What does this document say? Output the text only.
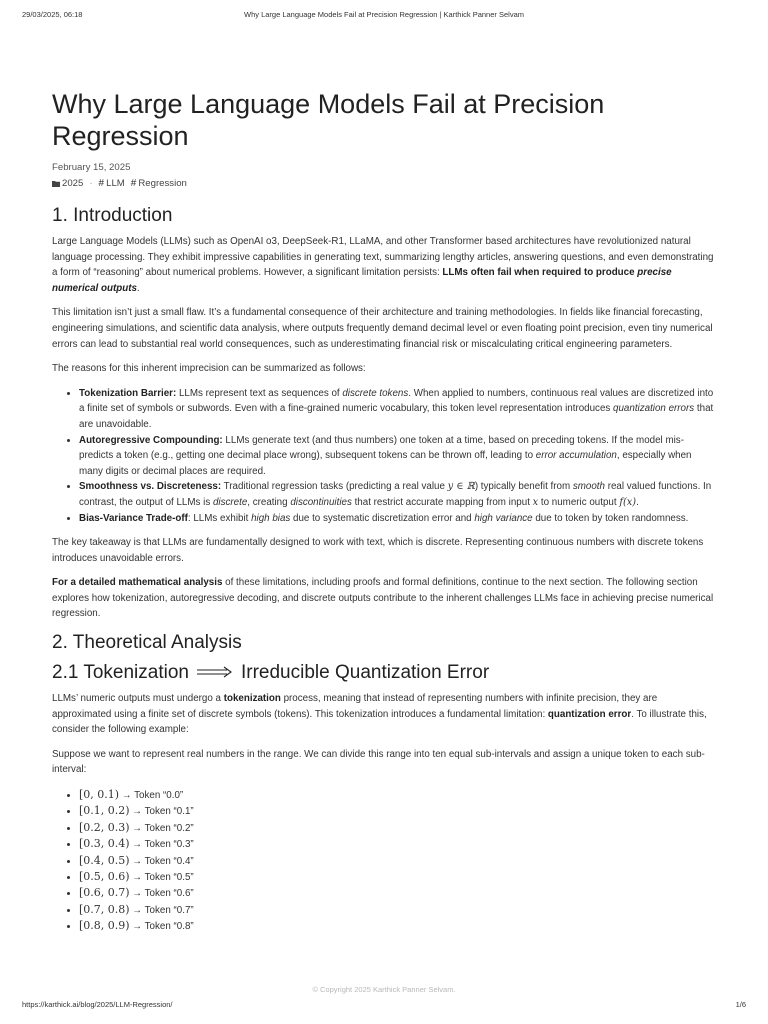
29/03/2025, 06:18	Why Large Language Models Fail at Precision Regression | Karthick Panner Selvam
Why Large Language Models Fail at Precision Regression
February 15, 2025
2025 · # LLM # Regression
1. Introduction

Large Language Models (LLMs) such as OpenAI o3, DeepSeek-R1, LLaMA, and other Transformer based architectures have revolutionized natural language processing. They exhibit impressive capabilities in generating text, summarizing lengthy articles, answering questions, and even demonstrating a form of “reasoning” about numerical problems. However, a significant limitation persists: LLMs often fail when required to produce precise numerical outputs.

This limitation isn’t just a small flaw. It’s a fundamental consequence of their architecture and training methodologies. In fields like financial forecasting, engineering simulations, and scientific data analysis, where outputs frequently demand decimal level or even floating point precision, even tiny numerical errors can lead to substantial real world consequences, such as underestimating financial risk or miscalculating critical engineering parameters.

The reasons for this inherent imprecision can be summarized as follows:

• Tokenization Barrier: LLMs represent text as sequences of discrete tokens. When applied to numbers, continuous real values are discretized into a finite set of symbols or subwords. Even with a fine-grained numeric vocabulary, this token level representation introduces quantization errors that are unavoidable.
• Autoregressive Compounding: LLMs generate text (and thus numbers) one token at a time, based on preceding tokens. If the model mis-predicts a token (e.g., getting one decimal place wrong), subsequent tokens can be thrown off, leading to error accumulation, especially when many digits or decimal places are required.
• Smoothness vs. Discreteness: Traditional regression tasks (predicting a real value y ∈ ℝ) typically benefit from smooth real valued functions. In contrast, the output of LLMs is discrete, creating discontinuities that restrict accurate mapping from input x to numeric output f(x).
• Bias-Variance Trade-off: LLMs exhibit high bias due to systematic discretization error and high variance due to token by token randomness.

The key takeaway is that LLMs are fundamentally designed to work with text, which is discrete. Representing continuous numbers with discrete tokens introduces unavoidable errors.

For a detailed mathematical analysis of these limitations, including proofs and formal definitions, continue to the next section. The following section explores how tokenization, autoregressive decoding, and discrete outputs contribute to the inherent challenges LLMs face in achieving precise numerical regression.

2. Theoretical Analysis
2.1 Tokenization	Irreducible Quantization Error

LLMs’ numeric outputs must undergo a tokenization process, meaning that instead of representing numbers with infinite precision, they are approximated using a finite set of discrete symbols (tokens). This tokenization introduces a fundamental limitation: quantization error. To illustrate this, consider the following example:

Suppose we want to represent real numbers in the range. We can divide this range into ten equal sub-intervals and assign a unique token to each sub-interval:

• [0, 0.1) → Token “0.0”
• [0.1, 0.2) → Token “0.1”
• [0.2, 0.3) → Token “0.2”
• [0.3, 0.4) → Token “0.3”
• [0.4, 0.5) → Token “0.4”
• [0.5, 0.6) → Token “0.5”
• [0.6, 0.7) → Token “0.6”
• [0.7, 0.8) → Token “0.7”
• [0.8, 0.9) → Token “0.8”
© Copyright 2025 Karthick Panner Selvam.
https://karthick.ai/blog/2025/LLM-Regression/	1/6
